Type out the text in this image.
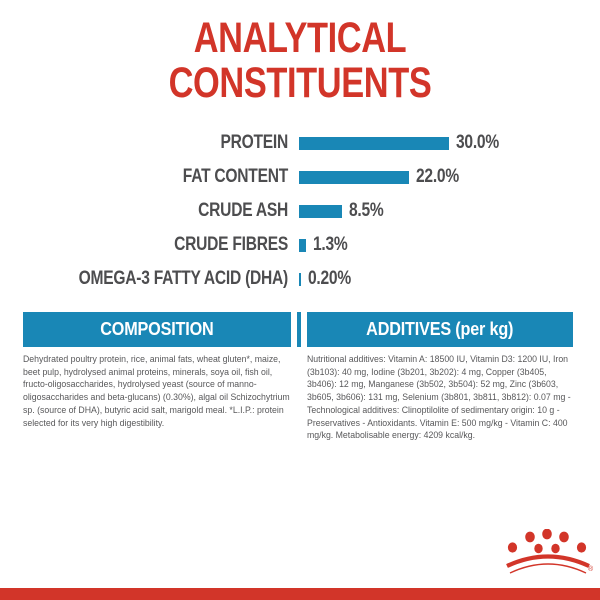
ANALYTICAL
CONSTITUENTS
PROTEIN	30.0%
FAT CONTENT	22.0%
CRUDE ASH	8.5%
CRUDE FIBRES 1.3%
OMEGA-3 FATTY ACID (DHA) 0.20%
COMPOSITION

Dehydrated poultry protein, rice, animal fats, wheat gluten*, maize, beet pulp, hydrolysed animal proteins, minerals, soya oil, fish oil, fructo-oligosaccharides, hydrolysed yeast (source of manno-oligosaccharides and beta-glucans) (0.30%), algal oil Schizochytrium sp. (source of DHA), butyric acid salt, marigold meal. *L.I.P.: protein selected for its very high digestibility.

ADDITIVES (per kg)

Nutritional additives: Vitamin A: 18500 IU, Vitamin D3: 1200 IU, Iron (3b103): 40 mg, Iodine (3b201, 3b202): 4 mg, Copper (3b405, 3b406): 12 mg, Manganese (3b502, 3b504): 52 mg, Zinc (3b603, 3b605, 3b606): 131 mg, Selenium (3b801, 3b811, 3b812): 0.07 mg - Technological additives: Clinoptilolite of sedimentary origin: 10 g - Preservatives - Antioxidants. Vitamin E: 500 mg/kg - Vitamin C: 400 mg/kg. Metabolisable energy: 4209 kcal/kg.

®
